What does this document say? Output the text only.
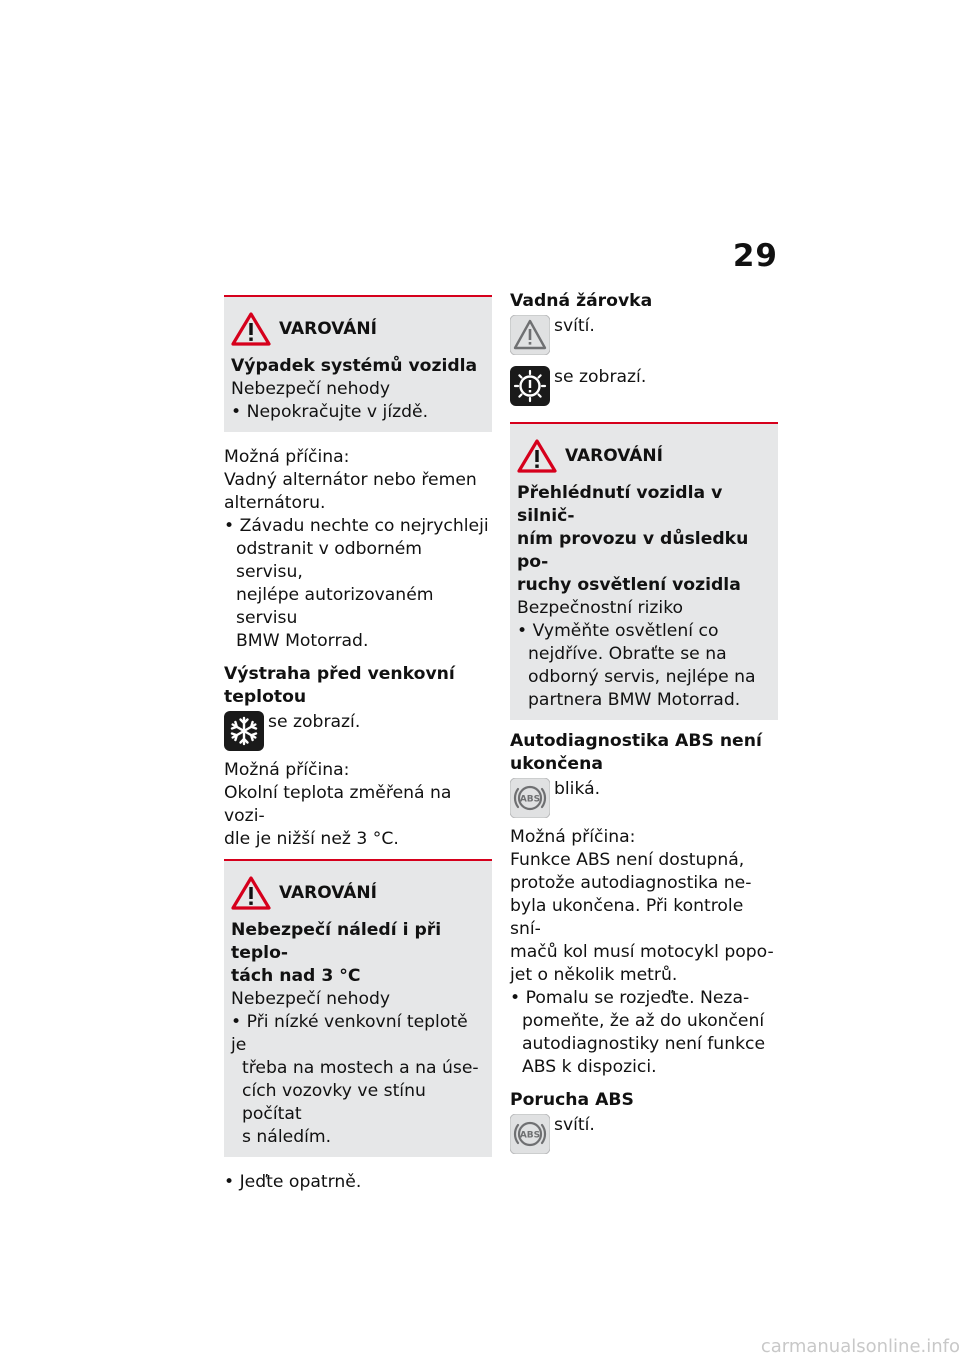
29
VAROVÁNÍ

Výpadek systémů vozidla

Nebezpečí nehody

• Nepokračujte v jízdě.

Možná příčina:

Vadný alternátor nebo řemen

alternátoru.

• Závadu nechte co nejrychleji

odstranit v odborném servisu,

nejlépe autorizovaném servisu

BMW Motorrad.

Výstraha před venkovní

teplotou

se zobrazí.

Možná příčina:

Okolní teplota změřená na vozi-

dle je nižší než 3 °C.

VAROVÁNÍ

Nebezpečí náledí i při teplo-

tách nad 3 °C

Nebezpečí nehody

• Při nízké venkovní teplotě je

třeba na mostech a na úse-

cích vozovky ve stínu počítat

s náledím.

• Jeďte opatrně.

Vadná žárovka

svítí.
se zobrazí.
VAROVÁNÍ

Přehlédnutí vozidla v silnič-

ním provozu v důsledku po-

ruchy osvětlení vozidla

Bezpečnostní riziko

• Vyměňte osvětlení co

nejdříve. Obraťte se na

odborný servis, nejlépe na

partnera BMW Motorrad.

Autodiagnostika ABS není

ukončena

ABS
bliká.

Možná příčina:

Funkce ABS není dostupná,

protože autodiagnostika ne-

byla ukončena. Při kontrole sní-

mačů kol musí motocykl popo-

jet o několik metrů.

• Pomalu se rozjeďte. Neza-

pomeňte, že až do ukončení

autodiagnostiky není funkce

ABS k dispozici.

Porucha ABS

ABS
svítí.
carmanualsonline.info
